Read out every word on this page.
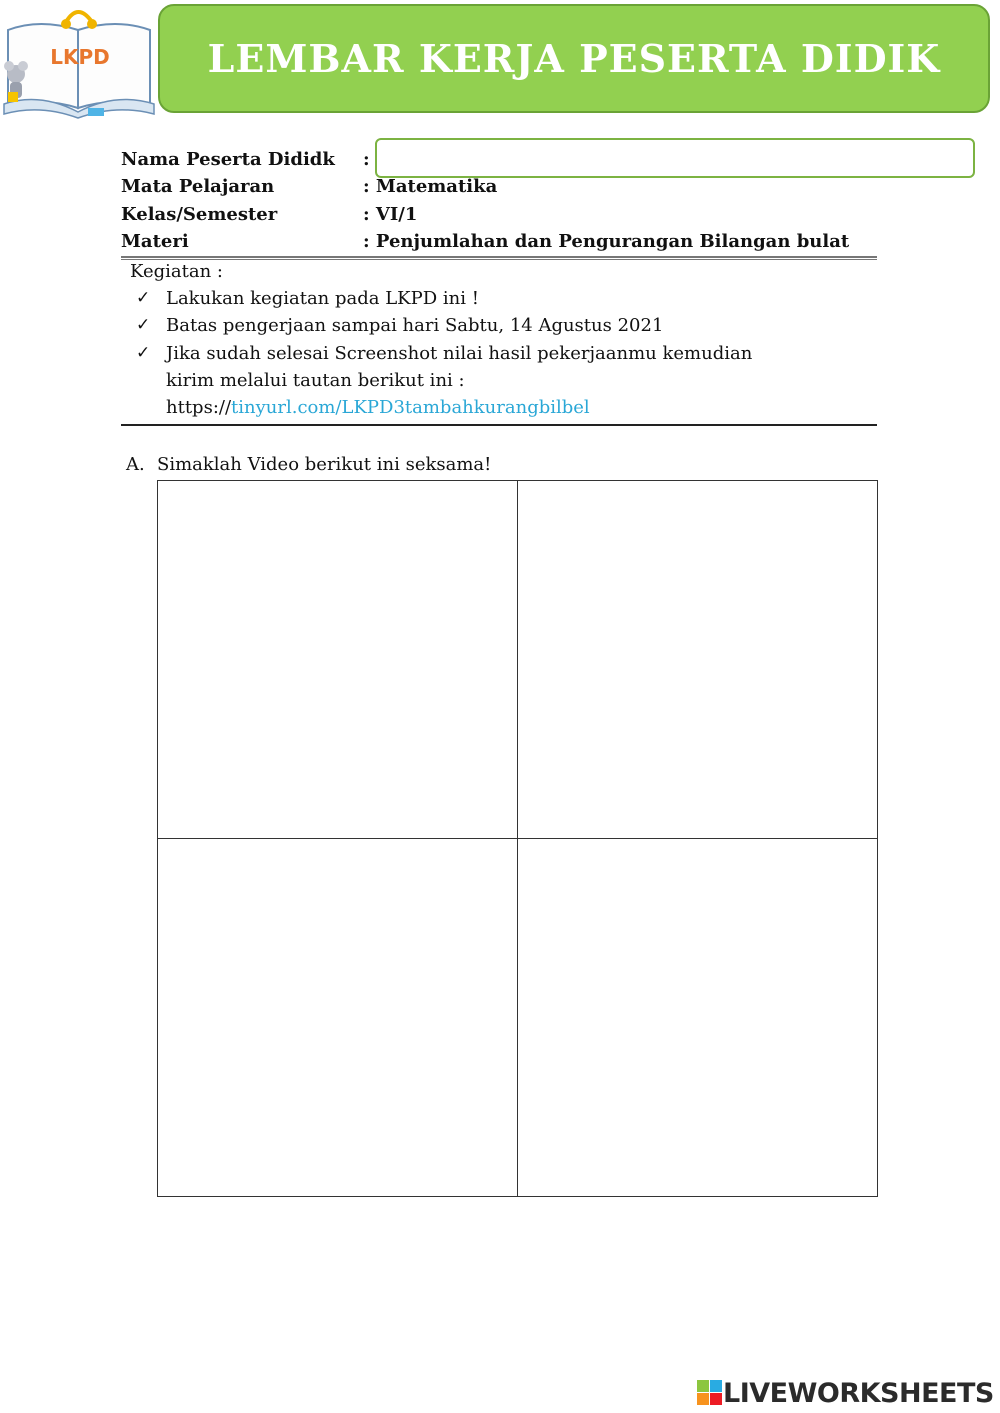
LKPD	LEMBAR KERJA PESERTA DIDIK
Nama Peserta Dididk :
Mata Pelajaran	: Matematika
Kelas/Semester	: VI/1
Materi	: Penjumlahan dan Pengurangan Bilangan bulat
Kegiatan :
✓ Lakukan kegiatan pada LKPD ini !
✓ Batas pengerjaan sampai hari Sabtu, 14 Agustus 2021
✓ Jika sudah selesai Screenshot nilai hasil pekerjaanmu kemudian
kirim melalui tautan berikut ini :
https://tinyurl.com/LKPD3tambahkurangbilbel
A. Simaklah Video berikut ini seksama!
LIVEWORKSHEETS
